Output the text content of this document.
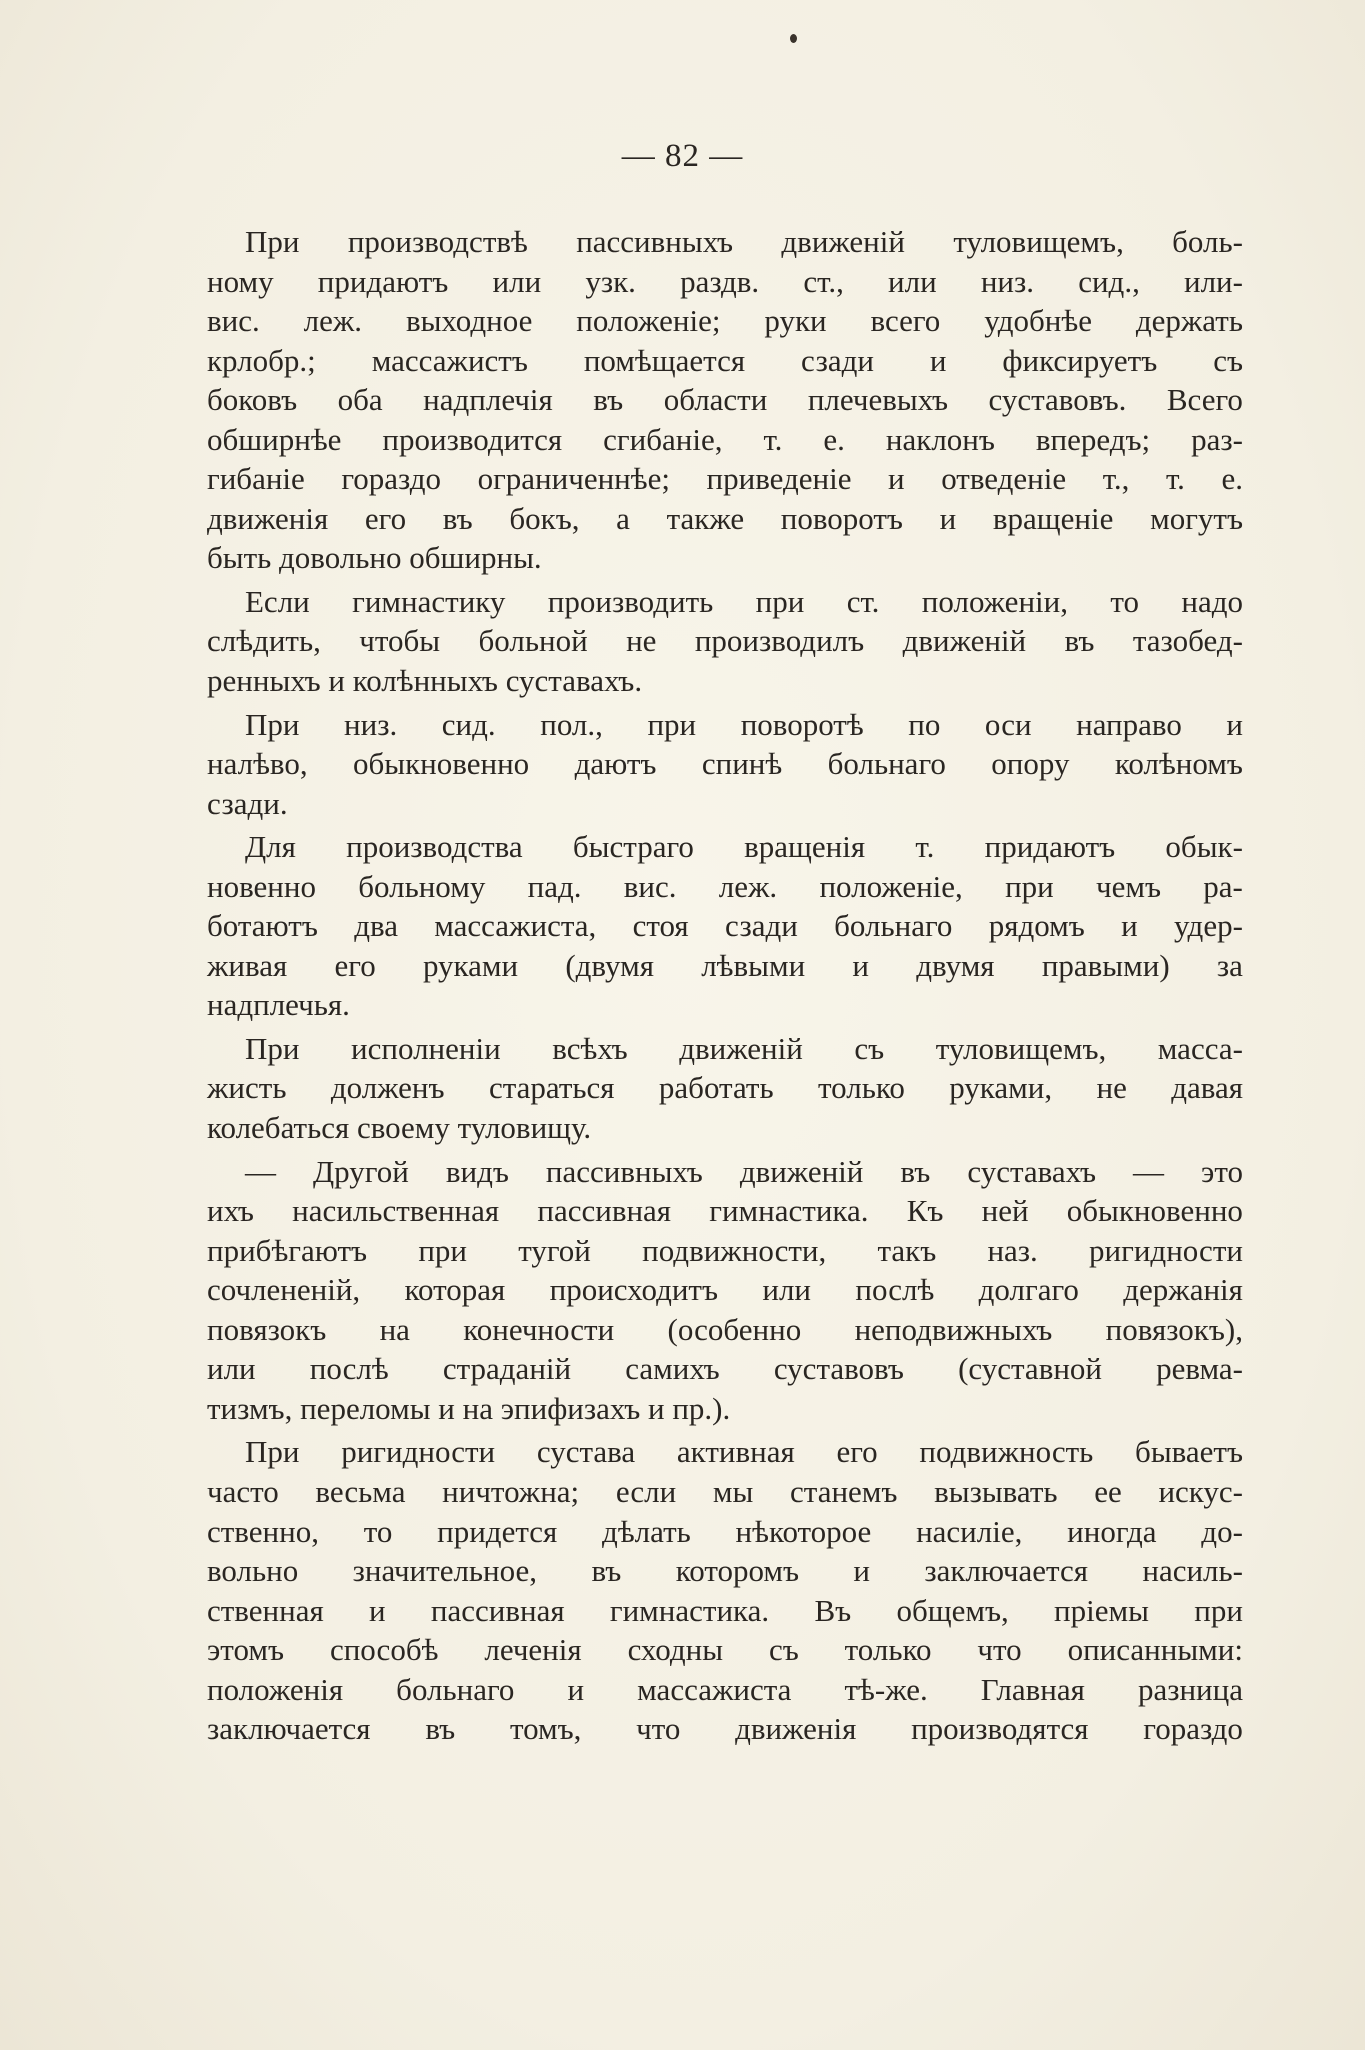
— 82 —
При производствѣ пассивныхъ движенiй туловищемъ, боль-
ному придаютъ или узк. раздв. ст., или низ. сид., или-
вис. леж. выходное положенiе; руки всего удобнѣе держать
крлобр.; массажистъ помѣщается сзади и фиксируетъ съ
боковъ оба надплечiя въ области плечевыхъ суставовъ. Всего
обширнѣе производится сгибанiе, т. е. наклонъ впередъ; раз-
гибанiе гораздо ограниченнѣе; приведенiе и отведенiе т., т. е.
движенiя его въ бокъ, а также поворотъ и вращенiе могутъ
быть довольно обширны.
Если гимнастику производить при ст. положенiи, то надо
слѣдить, чтобы больной не производилъ движенiй въ тазобед-
ренныхъ и колѣнныхъ суставахъ.
При низ. сид. пол., при поворотѣ по оси направо и
налѣво, обыкновенно даютъ спинѣ больнаго опору колѣномъ
сзади.
Для производства быстраго вращенiя т. придаютъ обык-
новенно больному пад. вис. леж. положенiе, при чемъ ра-
ботаютъ два массажиста, стоя сзади больнаго рядомъ и удер-
живая его руками (двумя лѣвыми и двумя правыми) за
надплечья.
При исполненiи всѣхъ движенiй съ туловищемъ, масса-
жисть долженъ стараться работать только руками, не давая
колебаться своему туловищу.
— Другой видъ пассивныхъ движенiй въ суставахъ — это
ихъ насильственная пассивная гимнастика. Къ ней обыкновенно
прибѣгаютъ при тугой подвижности, такъ наз. ригидности
сочлененiй, которая происходитъ или послѣ долгаго держанiя
повязокъ на конечности (особенно неподвижныхъ повязокъ),
или послѣ страданiй самихъ суставовъ (суставной ревма-
тизмъ, переломы и на эпифизахъ и пр.).
При ригидности сустава активная его подвижность бываетъ
часто весьма ничтожна; если мы станемъ вызывать ее искус-
ственно, то придется дѣлать нѣкоторое насилiе, иногда до-
вольно значительное, въ которомъ и заключается насиль-
ственная и пассивная гимнастика. Въ общемъ, прiемы при
этомъ способѣ леченiя сходны съ только что описанными:
положенiя больнаго и массажиста тѣ-же. Главная разница
заключается въ томъ, что движенiя производятся гораздо
